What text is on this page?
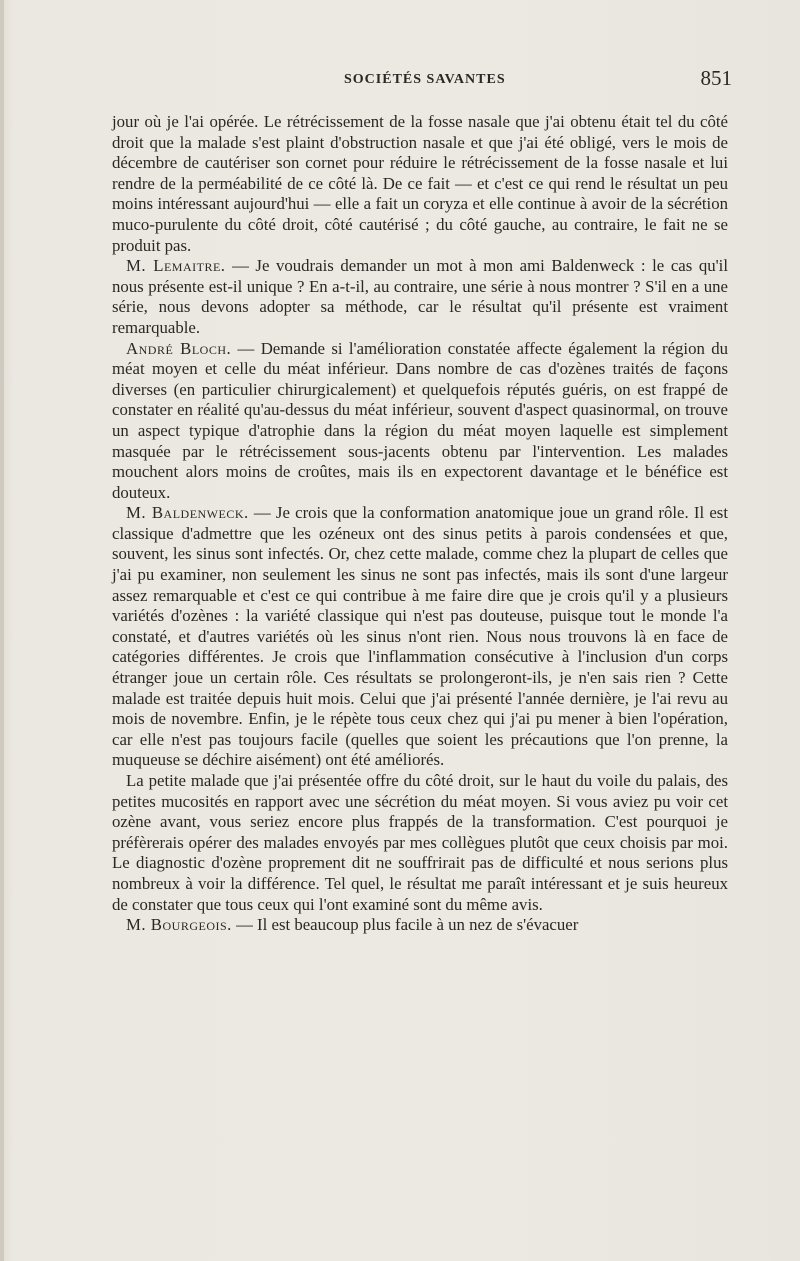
SOCIÉTÉS SAVANTES	851

jour où je l'ai opérée. Le rétrécissement de la fosse nasale que j'ai obtenu était tel du côté droit que la malade s'est plaint d'obstruction nasale et que j'ai été obligé, vers le mois de décembre de cautériser son cornet pour réduire le rétrécissement de la fosse nasale et lui rendre de la perméabilité de ce côté là. De ce fait — et c'est ce qui rend le résultat un peu moins intéressant aujourd'hui — elle a fait un coryza et elle continue à avoir de la sécrétion muco-purulente du côté droit, côté cautérisé ; du côté gauche, au contraire, le fait ne se produit pas.

M. Lemaitre. — Je voudrais demander un mot à mon ami Baldenweck : le cas qu'il nous présente est-il unique ? En a-t-il, au contraire, une série à nous montrer ? S'il en a une série, nous devons adopter sa méthode, car le résultat qu'il présente est vraiment remarquable.

André Bloch. — Demande si l'amélioration constatée affecte également la région du méat moyen et celle du méat inférieur. Dans nombre de cas d'ozènes traités de façons diverses (en particulier chirurgicalement) et quelquefois réputés guéris, on est frappé de constater en réalité qu'au-dessus du méat inférieur, souvent d'aspect quasinormal, on trouve un aspect typique d'atrophie dans la région du méat moyen laquelle est simplement masquée par le rétrécissement sous-jacents obtenu par l'intervention. Les malades mouchent alors moins de croûtes, mais ils en expectorent davantage et le bénéfice est douteux.

M. Baldenweck. — Je crois que la conformation anatomique joue un grand rôle. Il est classique d'admettre que les ozéneux ont des sinus petits à parois condensées et que, souvent, les sinus sont infectés. Or, chez cette malade, comme chez la plupart de celles que j'ai pu examiner, non seulement les sinus ne sont pas infectés, mais ils sont d'une largeur assez remarquable et c'est ce qui contribue à me faire dire que je crois qu'il y a plusieurs variétés d'ozènes : la variété classique qui n'est pas douteuse, puisque tout le monde l'a constaté, et d'autres variétés où les sinus n'ont rien. Nous nous trouvons là en face de catégories différentes. Je crois que l'inflammation consécutive à l'inclusion d'un corps étranger joue un certain rôle. Ces résultats se prolongeront-ils, je n'en sais rien ? Cette malade est traitée depuis huit mois. Celui que j'ai présenté l'année dernière, je l'ai revu au mois de novembre. Enfin, je le répète tous ceux chez qui j'ai pu mener à bien l'opération, car elle n'est pas toujours facile (quelles que soient les précautions que l'on prenne, la muqueuse se déchire aisément) ont été améliorés.

La petite malade que j'ai présentée offre du côté droit, sur le haut du voile du palais, des petites mucosités en rapport avec une sécrétion du méat moyen. Si vous aviez pu voir cet ozène avant, vous seriez encore plus frappés de la transformation. C'est pourquoi je préfèrerais opérer des malades envoyés par mes collègues plutôt que ceux choisis par moi. Le diagnostic d'ozène proprement dit ne souffrirait pas de difficulté et nous serions plus nombreux à voir la différence. Tel quel, le résultat me paraît intéressant et je suis heureux de constater que tous ceux qui l'ont examiné sont du même avis.

M. Bourgeois. — Il est beaucoup plus facile à un nez de s'évacuer
